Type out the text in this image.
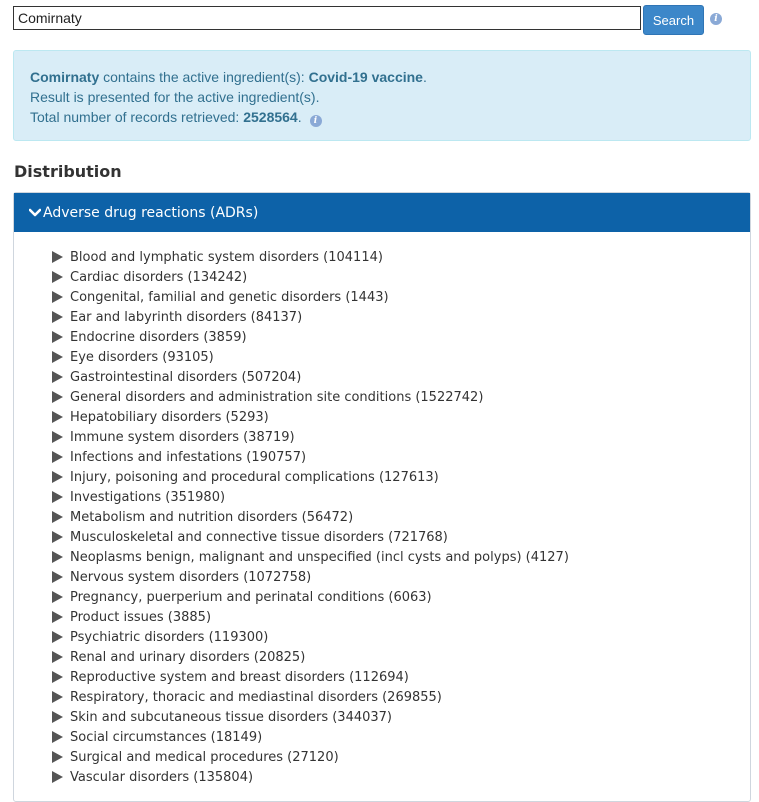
Comirnaty
Search	i
Comirnaty contains the active ingredient(s): Covid-19 vaccine.
Result is presented for the active ingredient(s).
Total number of records retrieved: 2528564. i
Distribution
Adverse drug reactions (ADRs)
Blood and lymphatic system disorders (104114)
Cardiac disorders (134242)
Congenital, familial and genetic disorders (1443)
Ear and labyrinth disorders (84137)
Endocrine disorders (3859)
Eye disorders (93105)
Gastrointestinal disorders (507204)
General disorders and administration site conditions (1522742)
Hepatobiliary disorders (5293)
Immune system disorders (38719)
Infections and infestations (190757)
Injury, poisoning and procedural complications (127613)
Investigations (351980)
Metabolism and nutrition disorders (56472)
Musculoskeletal and connective tissue disorders (721768)
Neoplasms benign, malignant and unspecified (incl cysts and polyps) (4127)
Nervous system disorders (1072758)
Pregnancy, puerperium and perinatal conditions (6063)
Product issues (3885)
Psychiatric disorders (119300)
Renal and urinary disorders (20825)
Reproductive system and breast disorders (112694)
Respiratory, thoracic and mediastinal disorders (269855)
Skin and subcutaneous tissue disorders (344037)
Social circumstances (18149)
Surgical and medical procedures (27120)
Vascular disorders (135804)
